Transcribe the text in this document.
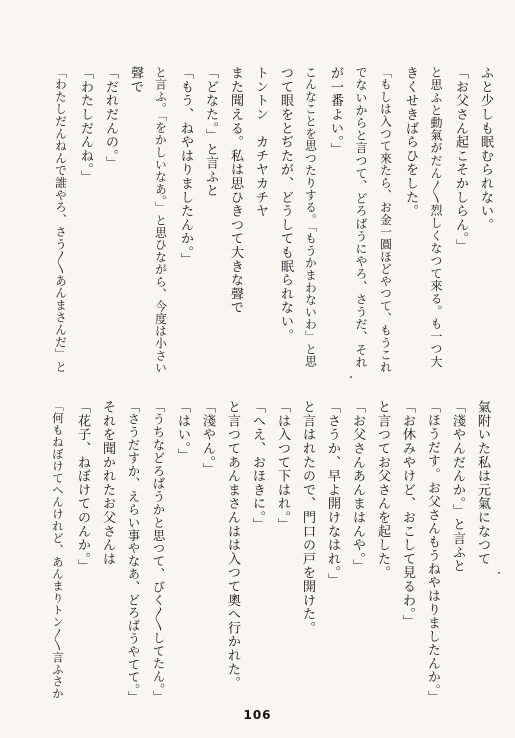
ふと少しも眠むられない。
「お父さん起こそかしらん。」
と思ふと動氣がだん〳〵烈しくなつて來る。も一つ大
きくせきばらひをした。
「もしは入つて來たら、お金一圓ほどやつて、もうこれ
でないからと言つて、どろばうにやろ、さうだ、それ
が一番よい。」
こんなことを思つたりする。「もうかまわないわ」と思
つて眼をとぢたが、どうしても眠られない。
トントン　カチヤカチヤ
また聞える。私は思ひきつて大きな聲で
「どなた。」と言ふと
「もう、ねやはりましたんか。」
と言ふ。「をかしいなあ。」と思ひながら、今度は小さい
聲で
「だれだんの。」
「わたしだんね。」
「わたしだんねんで誰やろ、さう〳〵あんまさんだ」と
氣附いた私は元氣になつて
「淺やんだんか。」と言ふと
「ほうだす。お父さんもうねやはりましたんか。」
「お休みやけど、おこして見るわ。」
と言つてお父さんを起した。
「お父さんあんまはんや。」
「さうか、早よ開けなはれ。」
と言はれたので、門口の戸を開けた。
「は入つて下はれ。」
「へえ、おほきに。」
と言つてあんまさんはは入つて奧へ行かれた。
「淺やん。」
「はい。」
「うちなどろばうかと思つて、びく〳〵してたん。」
「さうだすか、えらい事やなあ、どろばうやてて。」
それを聞かれたお父さんは
「花子、ねぼけてのんか。」
「何もねぼけてへんけれど、あんまりトン〳〵言ふさか
106
